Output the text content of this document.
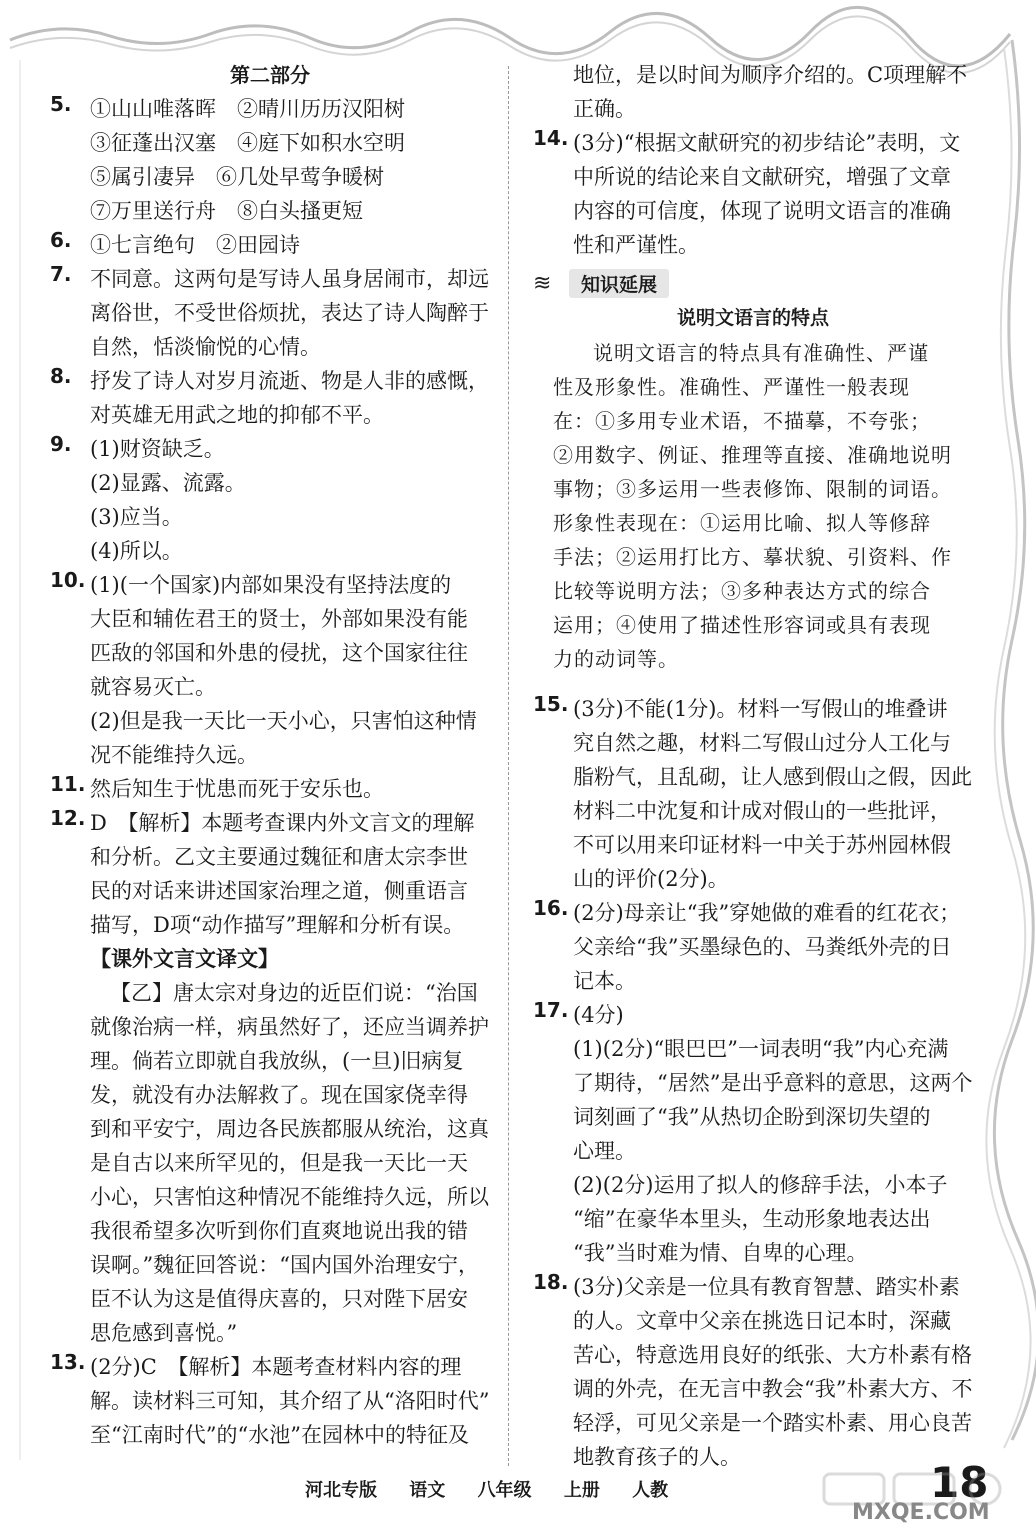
第二部分
5. ①山山唯落晖　②晴川历历汉阳树
③征蓬出汉塞　④庭下如积水空明
⑤属引凄异　⑥几处早莺争暖树
⑦万里送行舟　⑧白头搔更短
6. ①七言绝句　②田园诗
7. 不同意。这两句是写诗人虽身居闹市，却远
离俗世，不受世俗烦扰，表达了诗人陶醉于
自然，恬淡愉悦的心情。
8. 抒发了诗人对岁月流逝、物是人非的感慨，
对英雄无用武之地的抑郁不平。
9. (1)财资缺乏。
(2)显露、流露。
(3)应当。
(4)所以。
10. (1)(一个国家)内部如果没有坚持法度的
大臣和辅佐君王的贤士，外部如果没有能
匹敌的邻国和外患的侵扰，这个国家往往
就容易灭亡。
(2)但是我一天比一天小心，只害怕这种情
况不能维持久远。
11. 然后知生于忧患而死于安乐也。
12. D　【解析】本题考查课内外文言文的理解
和分析。乙文主要通过魏征和唐太宗李世
民的对话来讲述国家治理之道，侧重语言
描写，D项“动作描写”理解和分析有误。
【课外文言文译文】
【乙】唐太宗对身边的近臣们说：“治国
就像治病一样，病虽然好了，还应当调养护
理。倘若立即就自我放纵，(一旦)旧病复
发，就没有办法解救了。现在国家侥幸得
到和平安宁，周边各民族都服从统治，这真
是自古以来所罕见的，但是我一天比一天
小心，只害怕这种情况不能维持久远，所以
我很希望多次听到你们直爽地说出我的错
误啊。”魏征回答说：“国内国外治理安宁，
臣不认为这是值得庆喜的，只对陛下居安
思危感到喜悦。”
13. (2分)C　【解析】本题考查材料内容的理
解。读材料三可知，其介绍了从“洛阳时代”
至“江南时代”的“水池”在园林中的特征及
地位，是以时间为顺序介绍的。C项理解不
正确。
14. (3分)“根据文献研究的初步结论”表明，文
中所说的结论来自文献研究，增强了文章
内容的可信度，体现了说明文语言的准确
性和严谨性。
≋	知识延展
说明文语言的特点
说明文语言的特点具有准确性、严谨
性及形象性。准确性、严谨性一般表现
在：①多用专业术语，不描摹，不夸张；
②用数字、例证、推理等直接、准确地说明
事物；③多运用一些表修饰、限制的词语。
形象性表现在：①运用比喻、拟人等修辞
手法；②运用打比方、摹状貌、引资料、作
比较等说明方法；③多种表达方式的综合
运用；④使用了描述性形容词或具有表现
力的动词等。
15. (3分)不能(1分)。材料一写假山的堆叠讲
究自然之趣，材料二写假山过分人工化与
脂粉气，且乱砌，让人感到假山之假，因此
材料二中沈复和计成对假山的一些批评，
不可以用来印证材料一中关于苏州园林假
山的评价(2分)。
16. (2分)母亲让“我”穿她做的难看的红花衣；
父亲给“我”买墨绿色的、马粪纸外壳的日
记本。
17. (4分)
(1)(2分)“眼巴巴”一词表明“我”内心充满
了期待，“居然”是出乎意料的意思，这两个
词刻画了“我”从热切企盼到深切失望的
心理。
(2)(2分)运用了拟人的修辞手法，小本子
“缩”在豪华本里头，生动形象地表达出
“我”当时难为情、自卑的心理。
18. (3分)父亲是一位具有教育智慧、踏实朴素
的人。文章中父亲在挑选日记本时，深藏
苦心，特意选用良好的纸张、大方朴素有格
调的外壳，在无言中教会“我”朴素大方、不
轻浮，可见父亲是一个踏实朴素、用心良苦
地教育孩子的人。
河北专版 语文 八年级 上册 人教	18
MXQE.COM
